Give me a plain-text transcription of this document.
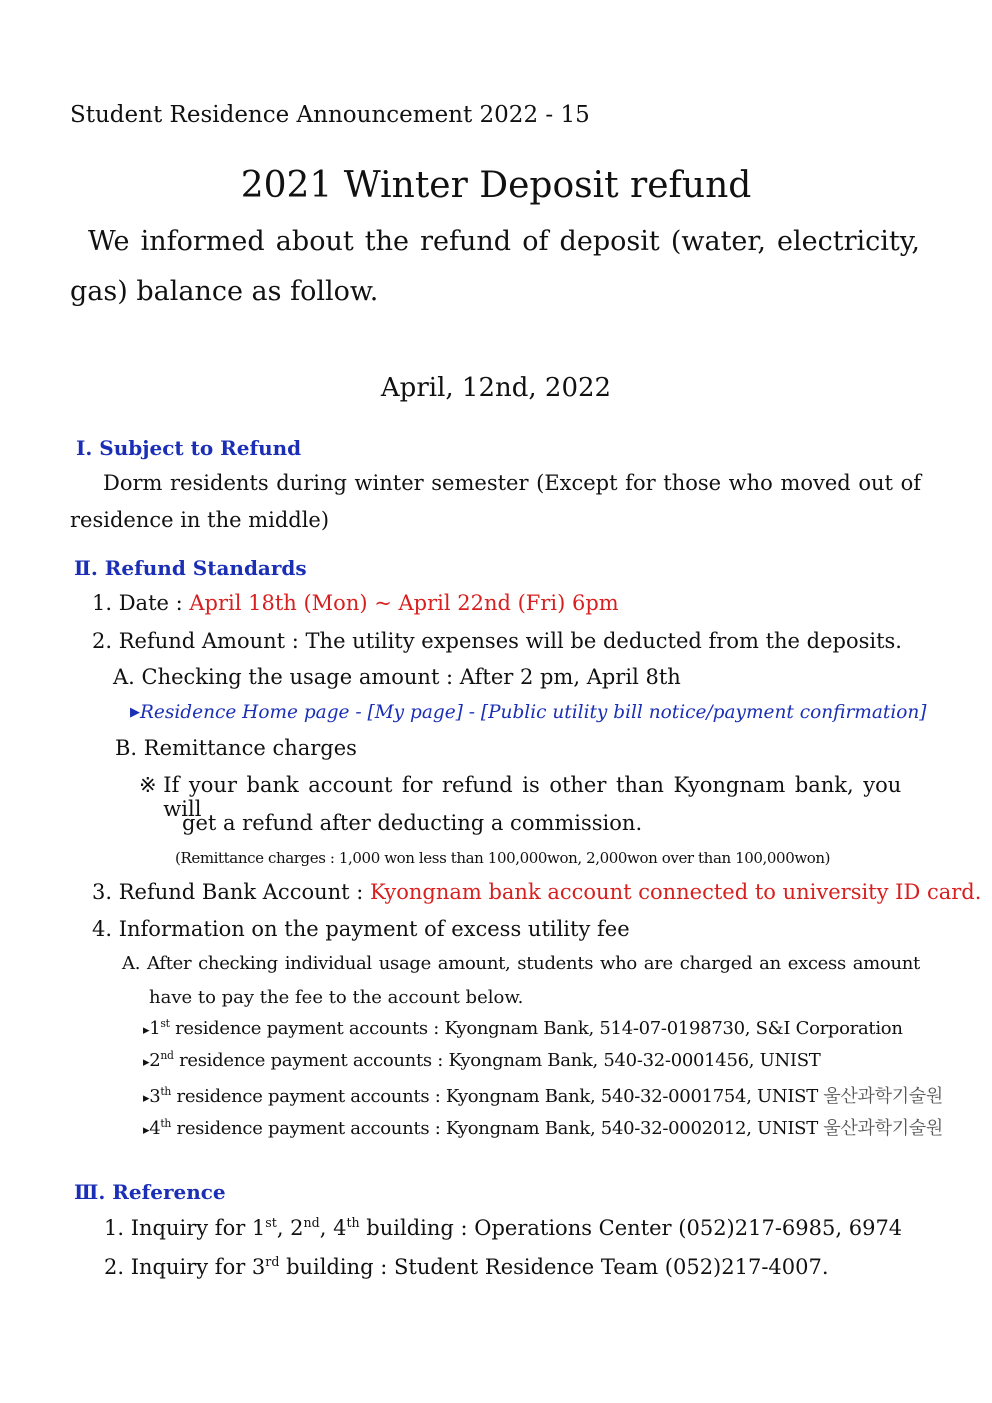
Student Residence Announcement 2022 - 15
2021 Winter Deposit refund
We informed about the refund of deposit (water, electricity,
gas) balance as follow.
April, 12nd, 2022
Ⅰ. Subject to Refund
Dorm residents during winter semester (Except for those who moved out of
residence in the middle)
Ⅱ. Refund Standards
1. Date : April 18th (Mon) ~ April 22nd (Fri) 6pm
2. Refund Amount : The utility expenses will be deducted from the deposits.
A. Checking the usage amount : After 2 pm, April 8th
▶Residence Home page - [My page] - [Public utility bill notice/payment confirmation]
B. Remittance charges
※ If your bank account for refund is other than Kyongnam bank, you will
get a refund after deducting a commission.
(Remittance charges : 1,000 won less than 100,000won, 2,000won over than 100,000won)
3. Refund Bank Account : Kyongnam bank account connected to university ID card.
4. Information on the payment of excess utility fee
A. After checking individual usage amount, students who are charged an excess amount
have to pay the fee to the account below.
▸1st residence payment accounts : Kyongnam Bank, 514-07-0198730, S&I Corporation
▸2nd residence payment accounts : Kyongnam Bank, 540-32-0001456, UNIST
▸3th residence payment accounts : Kyongnam Bank, 540-32-0001754, UNIST 울산과학기술원
▸4th residence payment accounts : Kyongnam Bank, 540-32-0002012, UNIST 울산과학기술원
Ⅲ. Reference
1. Inquiry for 1st, 2nd, 4th building : Operations Center (052)217-6985, 6974
2. Inquiry for 3rd building : Student Residence Team (052)217-4007.
